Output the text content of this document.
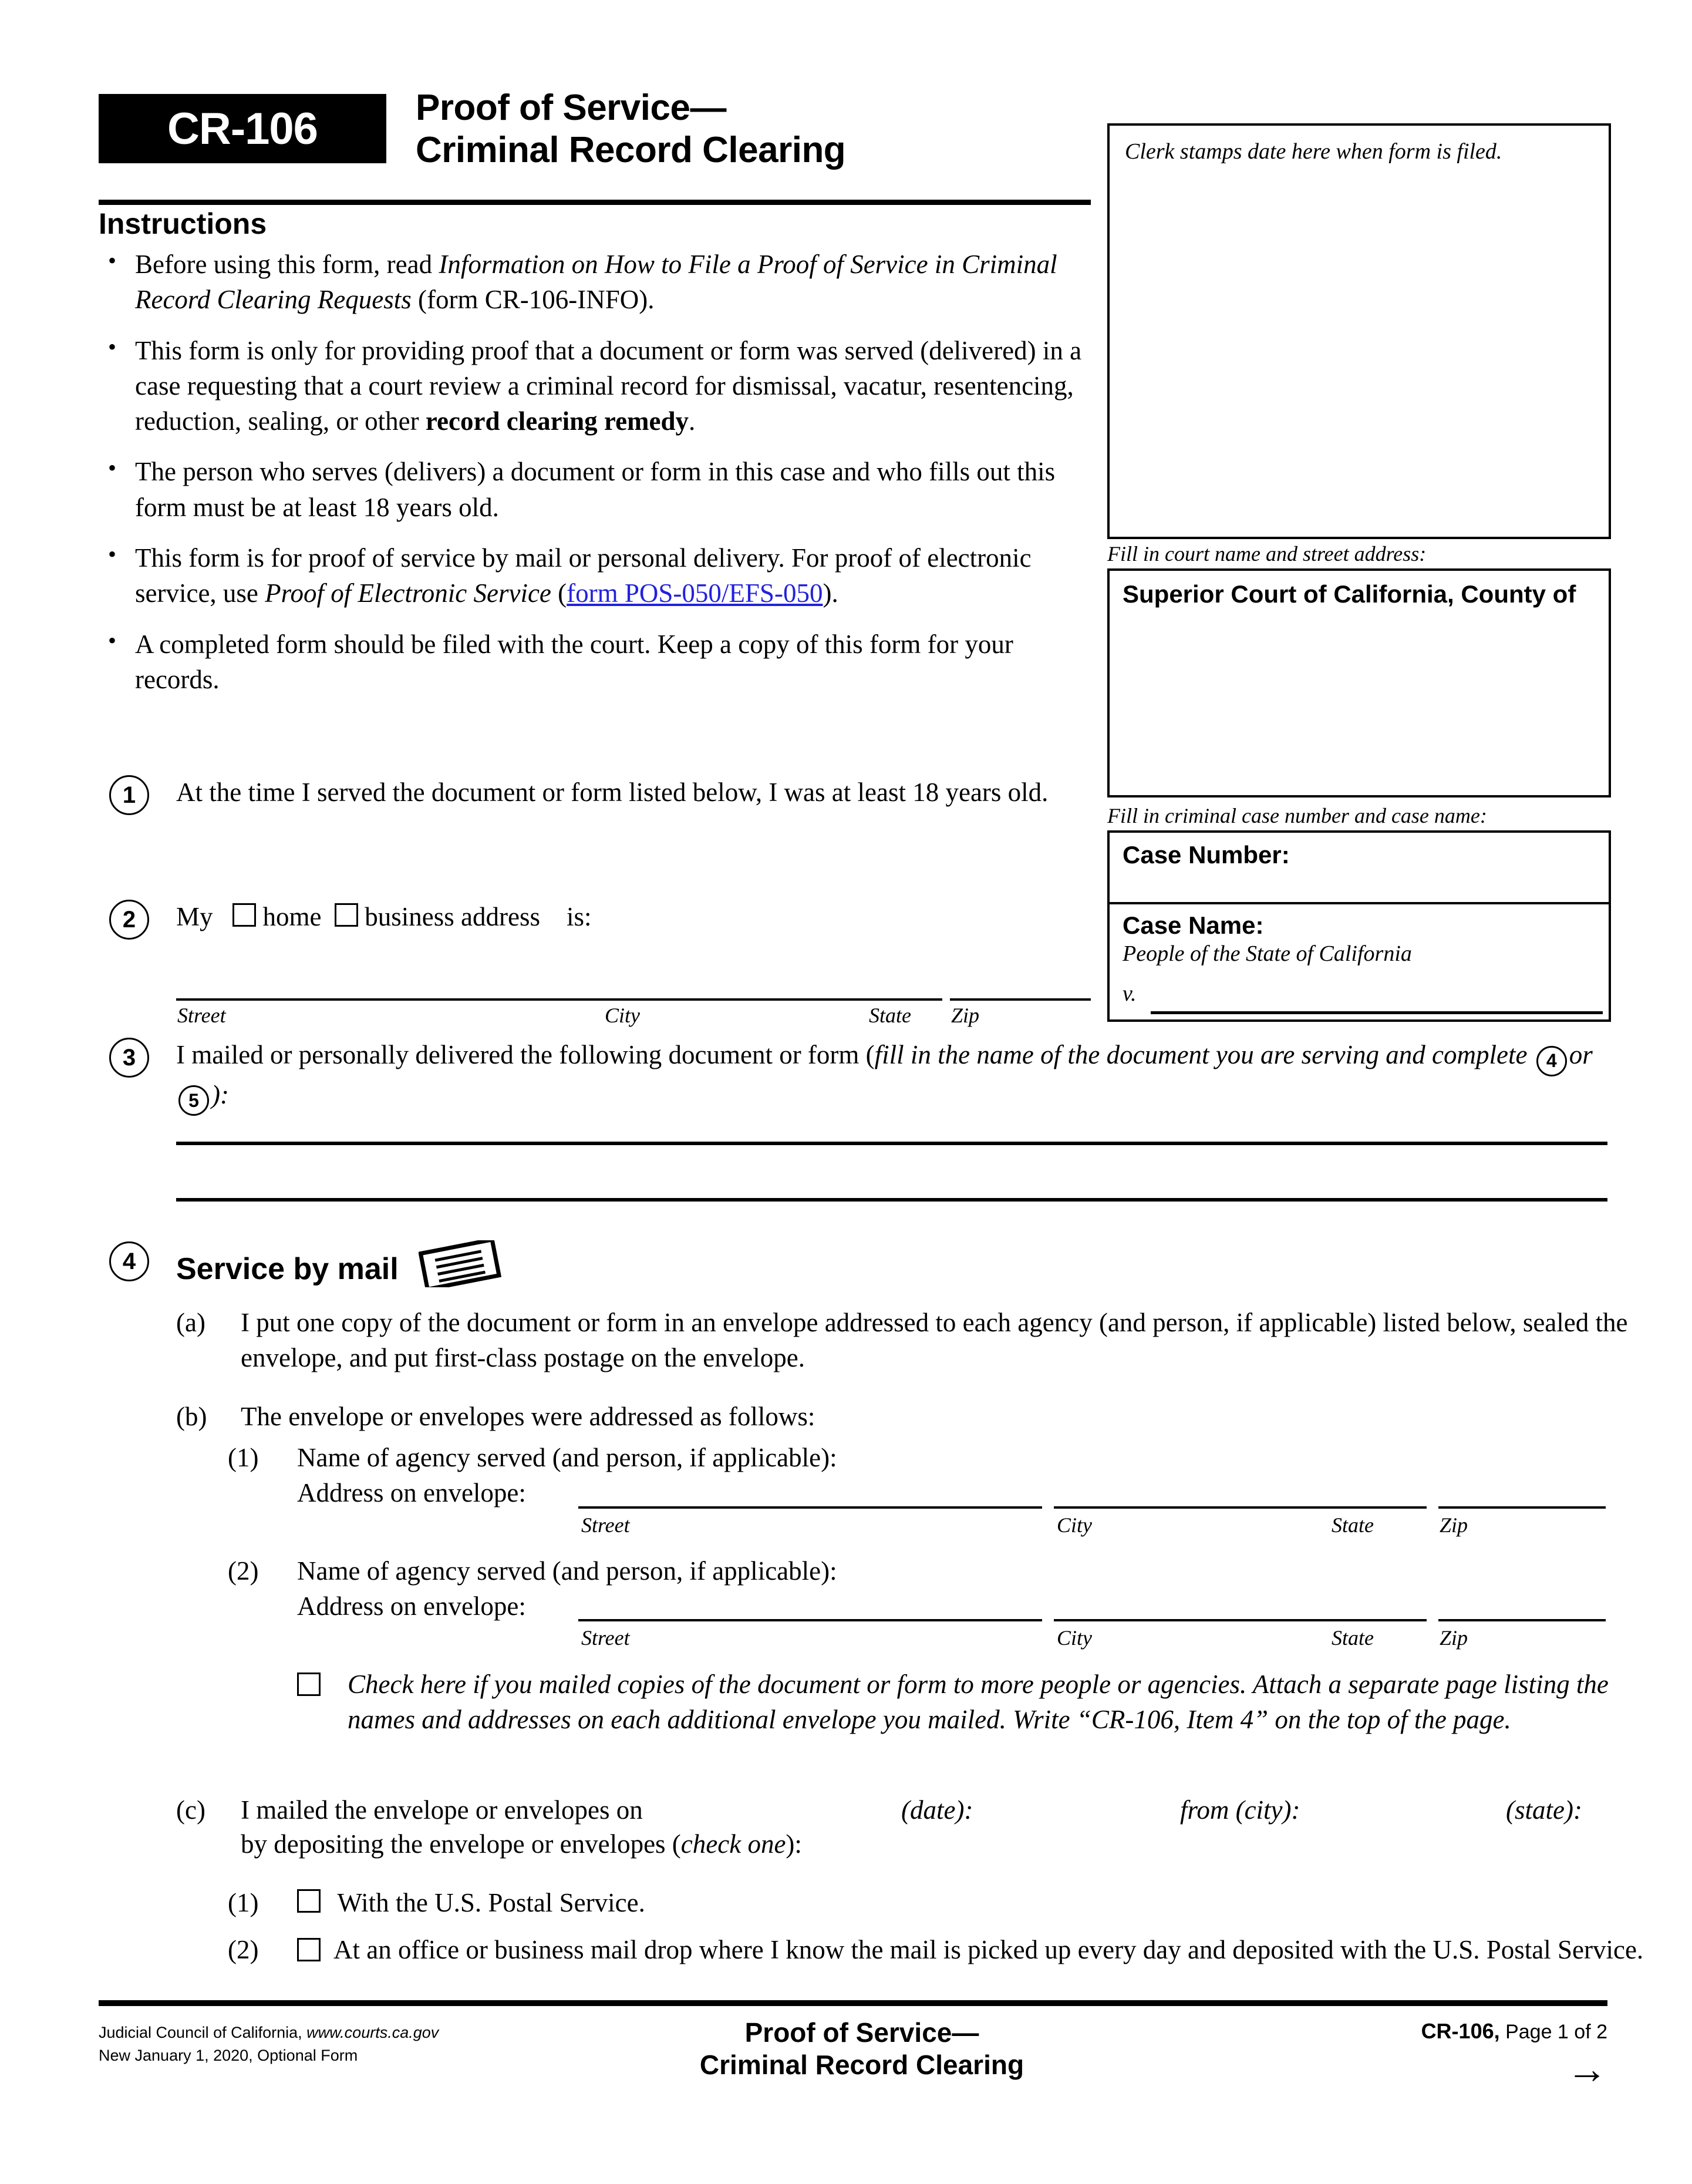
CR-106	Proof of Service—
Criminal Record Clearing
Instructions
• Before using this form, read Information on How to File a Proof of Service in Criminal Record Clearing Requests (form CR-106-INFO).
• This form is only for providing proof that a document or form was served (delivered) in a case requesting that a court review a criminal record for dismissal, vacatur, resentencing, reduction, sealing, or other record clearing remedy.
• The person who serves (delivers) a document or form in this case and who fills out this form must be at least 18 years old.
• This form is for proof of service by mail or personal delivery. For proof of electronic service, use Proof of Electronic Service (form POS-050/EFS-050).
• A completed form should be filed with the court. Keep a copy of this form for your records.
1	At the time I served the document or form listed below, I was at least 18 years old.
2	My home business address is:
Street	City	State Zip
3	I mailed or personally delivered the following document or form (fill in the name of the document you are serving and complete 4 or 5 ):
4	Service by mail
(a) I put one copy of the document or form in an envelope addressed to each agency (and person, if applicable) listed below, sealed the envelope, and put first-class postage on the envelope.
(b) The envelope or envelopes were addressed as follows:
(1) Name of agency served (and person, if applicable):
Address on envelope:
Street	City	State	Zip
(2) Name of agency served (and person, if applicable):
Address on envelope:
Street	City	State	Zip
Check here if you mailed copies of the document or form to more people or agencies. Attach a separate page listing the names and addresses on each additional envelope you mailed. Write “CR-106, Item 4” on the top of the page.
(c) I mailed the envelope or envelopes on	(date):	from (city):	(state):
by depositing the envelope or envelopes (check one):
(1)	With the U.S. Postal Service.
(2)	At an office or business mail drop where I know the mail is picked up every day and deposited with the U.S. Postal Service.
Clerk stamps date here when form is filed.
Fill in court name and street address:
Superior Court of California, County of
Fill in criminal case number and case name:
Case Number:
Case Name:
People of the State of California
v.
Judicial Council of California, www.courts.ca.gov
New January 1, 2020, Optional Form
Proof of Service—
Criminal Record Clearing
CR-106, Page 1 of 2
→
